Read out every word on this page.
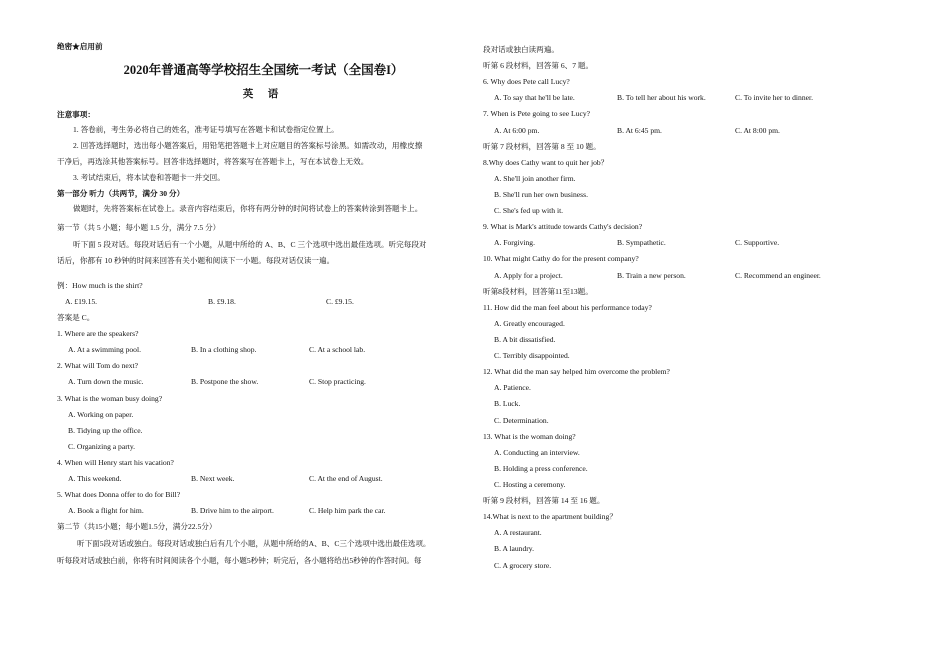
绝密★启用前
2020年普通高等学校招生全国统一考试（全国卷I）
英 语
注意事项：
1. 答卷前，考生务必将自己的姓名，准考证号填写在答题卡和试卷指定位置上。
2. 回答选择题时，选出每小题答案后，用铅笔把答题卡上对应题目的答案标号涂黑。如需改动，用橡皮擦
干净后，再选涂其他答案标号。回答非选择题时，将答案写在答题卡上，写在本试卷上无效。
3. 考试结束后，将本试卷和答题卡一并交回。
第一部分 听力（共两节，满分 30 分）
做题时，先将答案标在试卷上。录音内容结束后，你将有两分钟的时间将试卷上的答案转涂到答题卡上。
第一节（共 5 小题；每小题 1.5 分，满分 7.5 分）
听下面 5 段对话。每段对话后有一个小题，从题中所给的 A、B、C 三个选项中选出最佳选项。听完每段对
话后，你都有 10 秒钟的时间来回答有关小题和阅读下一小题。每段对话仅读一遍。
例：How much is the shirt?
A. £19.15.	B. £9.18.	C. £9.15.
答案是 C。
1. Where are the speakers?
A. At a swimming pool.	B. In a clothing shop.	C. At a school lab.
2. What will Tom do next?
A. Turn down the music.	B. Postpone the show.	C. Stop practicing.
3. What is the woman busy doing?
A. Working on paper.
B. Tidying up the office.
C. Organizing a party.
4. When will Henry start his vacation?
A. This weekend.	B. Next week.	C. At the end of August.
5. What does Donna offer to do for Bill?
A. Book a flight for him.	B. Drive him to the airport.	C. Help him park the car.
第二节（共15小题；每小题1.5分，满分22.5分）
听下面5段对话或独白。每段对话或独白后有几个小题，从题中所给的A、B、C三个选项中选出最佳选项。
听每段对话或独白前，你将有时间阅读各个小题，每小题5秒钟；听完后，各小题将给出5秒钟的作答时间。每
段对话或独白读两遍。
听第 6 段材料，回答第 6、7 题。
6. Why does Pete call Lucy?
A. To say that he'll be late.	B. To tell her about his work.	C. To invite her to dinner.
7. When is Pete going to see Lucy?
A. At 6:00 pm.	B. At 6:45 pm.	C. At 8:00 pm.
听第 7 段材料，回答第 8 至 10 题。
8.Why does Cathy want to quit her job？
A. She'll join another firm.
B. She'll run her own business.
C. She's fed up with it.
9. What is Mark's attitude towards Cathy's decision?
A. Forgiving.	B. Sympathetic.	C. Supportive.
10. What might Cathy do for the present company?
A. Apply for a project.	B. Train a new person.	C. Recommend an engineer.
听第8段材料，回答第11至13题。
11. How did the man feel about his performance today?
A. Greatly encouraged.
B. A bit dissatisfied.
C. Terribly disappointed.
12. What did the man say helped him overcome the problem?
A. Patience.
B. Luck.
C. Determination.
13. What is the woman doing?
A. Conducting an interview.
B. Holding a press conference.
C. Hosting a ceremony.
听第 9 段材料，回答第 14 至 16 题。
14.What is next to the apartment building？
A. A restaurant.
B. A laundry.
C. A grocery store.
